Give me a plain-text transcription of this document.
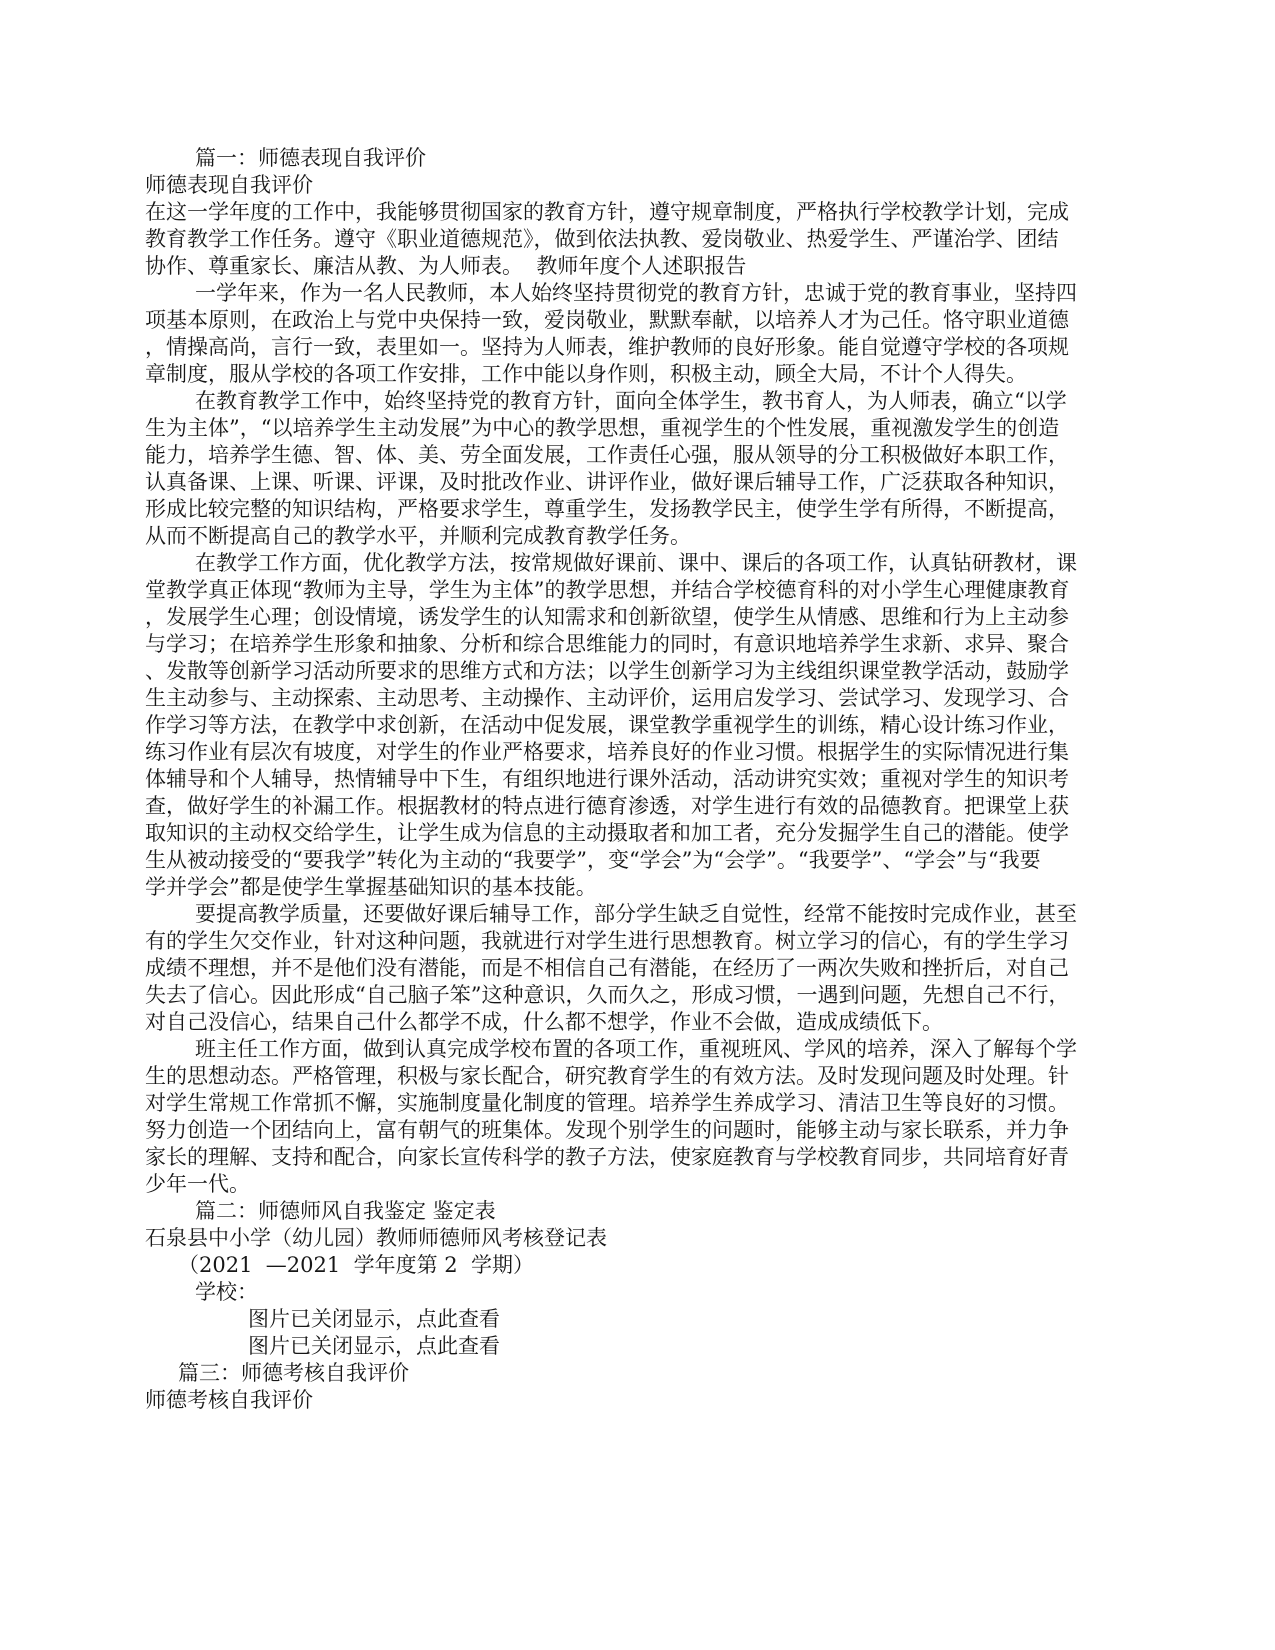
篇一：师德表现自我评价
师德表现自我评价
在这一学年度的工作中，我能够贯彻国家的教育方针，遵守规章制度，严格执行学校教学计划，完成
教育教学工作任务。遵守《职业道德规范》，做到依法执教、爱岗敬业、热爱学生、严谨治学、团结
协作、尊重家长、廉洁从教、为人师表。  教师年度个人述职报告
一学年来，作为一名人民教师，本人始终坚持贯彻党的教育方针，忠诚于党的教育事业，坚持四
项基本原则，在政治上与党中央保持一致，爱岗敬业，默默奉献，以培养人才为己任。恪守职业道德
，情操高尚，言行一致，表里如一。坚持为人师表，维护教师的良好形象。能自觉遵守学校的各项规
章制度，服从学校的各项工作安排，工作中能以身作则，积极主动，顾全大局，不计个人得失。
在教育教学工作中，始终坚持党的教育方针，面向全体学生，教书育人，为人师表，确立“以学
生为主体”，“以培养学生主动发展”为中心的教学思想，重视学生的个性发展，重视激发学生的创造
能力，培养学生德、智、体、美、劳全面发展，工作责任心强，服从领导的分工积极做好本职工作，
认真备课、上课、听课、评课，及时批改作业、讲评作业，做好课后辅导工作，广泛获取各种知识，
形成比较完整的知识结构，严格要求学生，尊重学生，发扬教学民主，使学生学有所得，不断提高，
从而不断提高自己的教学水平，并顺利完成教育教学任务。
在教学工作方面，优化教学方法，按常规做好课前、课中、课后的各项工作，认真钻研教材，课
堂教学真正体现“教师为主导，学生为主体”的教学思想，并结合学校德育科的对小学生心理健康教育
，发展学生心理；创设情境，诱发学生的认知需求和创新欲望，使学生从情感、思维和行为上主动参
与学习；在培养学生形象和抽象、分析和综合思维能力的同时，有意识地培养学生求新、求异、聚合
、发散等创新学习活动所要求的思维方式和方法；以学生创新学习为主线组织课堂教学活动，鼓励学
生主动参与、主动探索、主动思考、主动操作、主动评价，运用启发学习、尝试学习、发现学习、合
作学习等方法，在教学中求创新，在活动中促发展，课堂教学重视学生的训练，精心设计练习作业，
练习作业有层次有坡度，对学生的作业严格要求，培养良好的作业习惯。根据学生的实际情况进行集
体辅导和个人辅导，热情辅导中下生，有组织地进行课外活动，活动讲究实效；重视对学生的知识考
查，做好学生的补漏工作。根据教材的特点进行德育渗透，对学生进行有效的品德教育。把课堂上获
取知识的主动权交给学生，让学生成为信息的主动摄取者和加工者，充分发掘学生自己的潜能。使学
生从被动接受的“要我学”转化为主动的“我要学”，变“学会”为“会学”。“我要学”、“学会”与“我要
学并学会”都是使学生掌握基础知识的基本技能。
要提高教学质量，还要做好课后辅导工作，部分学生缺乏自觉性，经常不能按时完成作业，甚至
有的学生欠交作业，针对这种问题，我就进行对学生进行思想教育。树立学习的信心，有的学生学习
成绩不理想，并不是他们没有潜能，而是不相信自己有潜能，在经历了一两次失败和挫折后，对自己
失去了信心。因此形成“自己脑子笨”这种意识，久而久之，形成习惯，一遇到问题，先想自己不行，
对自己没信心，结果自己什么都学不成，什么都不想学，作业不会做，造成成绩低下。
班主任工作方面，做到认真完成学校布置的各项工作，重视班风、学风的培养，深入了解每个学
生的思想动态。严格管理，积极与家长配合，研究教育学生的有效方法。及时发现问题及时处理。针
对学生常规工作常抓不懈，实施制度量化制度的管理。培养学生养成学习、清洁卫生等良好的习惯。
努力创造一个团结向上，富有朝气的班集体。发现个别学生的问题时，能够主动与家长联系，并力争
家长的理解、支持和配合，向家长宣传科学的教子方法，使家庭教育与学校教育同步，共同培育好青
少年一代。
篇二：师德师风自我鉴定 鉴定表
石泉县中小学（幼儿园）教师师德师风考核登记表
（2021  —2021  学年度第 2  学期）
学校：
图片已关闭显示，点此查看
图片已关闭显示，点此查看
篇三：师德考核自我评价
师德考核自我评价
